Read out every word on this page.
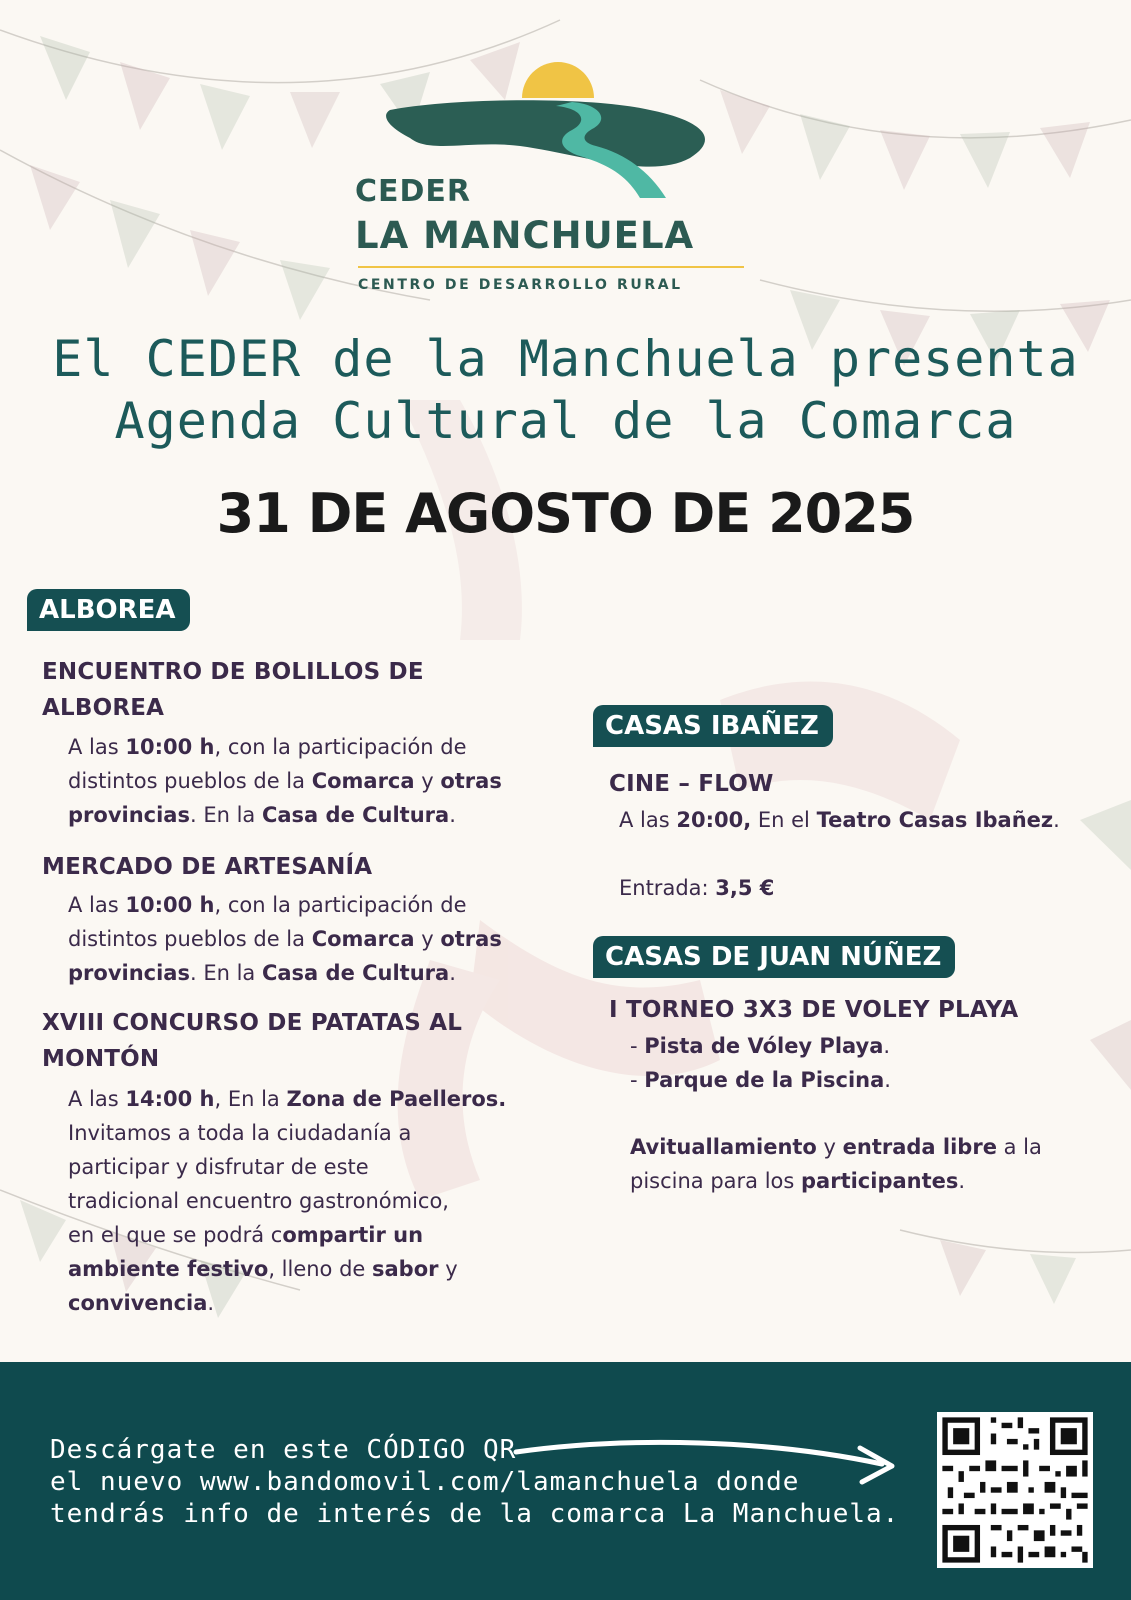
CEDER
LA MANCHUELA
CENTRO DE DESARROLLO RURAL
El CEDER de la Manchuela presenta
Agenda Cultural de la Comarca
31 DE AGOSTO DE 2025
ALBOREA
ENCUENTRO DE BOLILLOS DE
ALBOREA
A las 10:00 h, con la participación de
distintos pueblos de la Comarca y otras
provincias. En la Casa de Cultura.
MERCADO DE ARTESANÍA
A las 10:00 h, con la participación de
distintos pueblos de la Comarca y otras
provincias. En la Casa de Cultura.
XVIII CONCURSO DE PATATAS AL
MONTÓN
A las 14:00 h, En la Zona de Paelleros.
Invitamos a toda la ciudadanía a
participar y disfrutar de este
tradicional encuentro gastronómico,
en el que se podrá compartir un
ambiente festivo, lleno de sabor y
convivencia.
CASAS IBAÑEZ
CINE – FLOW
A las 20:00, En el Teatro Casas Ibañez.
Entrada: 3,5 €
CASAS DE JUAN NÚÑEZ
I TORNEO 3X3 DE VOLEY PLAYA
- Pista de Vóley Playa.
- Parque de la Piscina.
Avituallamiento y entrada libre a la
piscina para los participantes.
Descárgate en este CÓDIGO QR
el nuevo www.bandomovil.com/lamanchuela donde
tendrás info de interés de la comarca La Manchuela.
